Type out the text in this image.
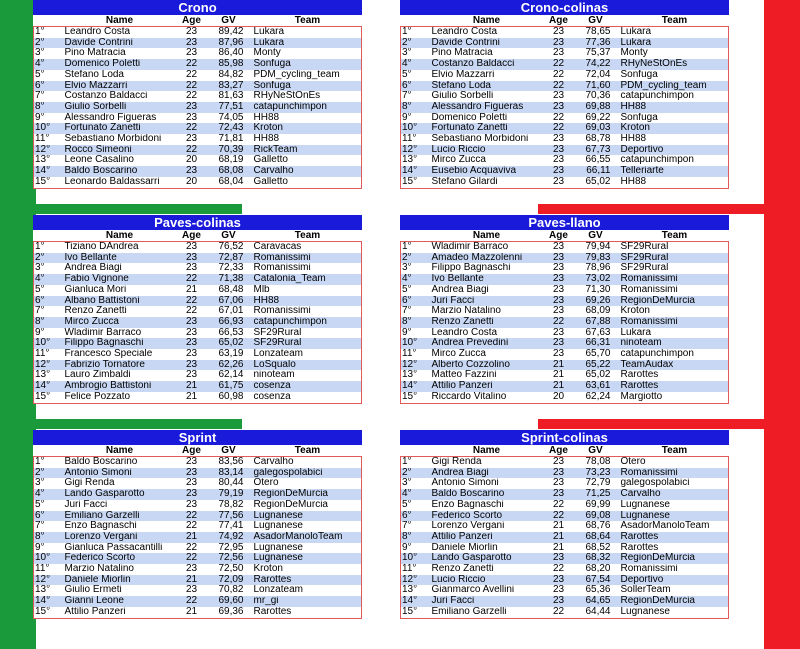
Crono
	Name	Age	GV	Team
1°	Leandro Costa	23	89,42	Lukara
2°	Davide Contrini	23	87,96	Lukara
3°	Pino Matracia	23	86,40	Monty
4°	Domenico Poletti	22	85,98	Sonfuga
5°	Stefano Loda	22	84,82	PDM_cycling_team
6°	Elvio Mazzarri	22	83,27	Sonfuga
7°	Costanzo Baldacci	22	81,63	RHyNeStOnEs
8°	Giulio Sorbelli	23	77,51	catapunchimpon
9°	Alessandro Figueras	23	74,05	HH88
10°	Fortunato Zanetti	22	72,43	Kroton
11°	Sebastiano Morbidoni	23	71,81	HH88
12°	Rocco Simeoni	22	70,39	RickTeam
13°	Leone Casalino	20	68,19	Galletto
14°	Baldo Boscarino	23	68,08	Carvalho
15°	Leonardo Baldassarri	20	68,04	Galletto
Crono-colinas
	Name	Age	GV	Team
1°	Leandro Costa	23	78,65	Lukara
2°	Davide Contrini	23	77,36	Lukara
3°	Pino Matracia	23	75,37	Monty
4°	Costanzo Baldacci	22	74,22	RHyNeStOnEs
5°	Elvio Mazzarri	22	72,04	Sonfuga
6°	Stefano Loda	22	71,60	PDM_cycling_team
7°	Giulio Sorbelli	23	70,36	catapunchimpon
8°	Alessandro Figueras	23	69,88	HH88
9°	Domenico Poletti	22	69,22	Sonfuga
10°	Fortunato Zanetti	22	69,03	Kroton
11°	Sebastiano Morbidoni	23	68,78	HH88
12°	Lucio Riccio	23	67,73	Deportivo
13°	Mirco Zucca	23	66,55	catapunchimpon
14°	Eusebio Acquaviva	23	66,11	Telleriarte
15°	Stefano Gilardi	23	65,02	HH88
Paves-colinas
	Name	Age	GV	Team
1°	Tiziano DAndrea	23	76,52	Caravacas
2°	Ivo Bellante	23	72,87	Romanissimi
3°	Andrea Biagi	23	72,33	Romanissimi
4°	Fabio Vignone	22	71,38	Catalonia_Team
5°	Gianluca Mori	21	68,48	Mlb
6°	Albano Battistoni	22	67,06	HH88
7°	Renzo Zanetti	22	67,01	Romanissimi
8°	Mirco Zucca	23	66,93	catapunchimpon
9°	Wladimir Barraco	23	66,53	SF29Rural
10°	Filippo Bagnaschi	23	65,02	SF29Rural
11°	Francesco Speciale	23	63,19	Lonzateam
12°	Fabrizio Tornatore	23	62,26	LoSqualo
13°	Lauro Zimbaldi	23	62,14	ninoteam
14°	Ambrogio Battistoni	21	61,75	cosenza
15°	Felice Pozzato	21	60,98	cosenza
Paves-llano
	Name	Age	GV	Team
1°	Wladimir Barraco	23	79,94	SF29Rural
2°	Amadeo Mazzolenni	23	79,83	SF29Rural
3°	Filippo Bagnaschi	23	78,96	SF29Rural
4°	Ivo Bellante	23	73,02	Romanissimi
5°	Andrea Biagi	23	71,30	Romanissimi
6°	Juri Facci	23	69,26	RegionDeMurcia
7°	Marzio Natalino	23	68,09	Kroton
8°	Renzo Zanetti	22	67,88	Romanissimi
9°	Leandro Costa	23	67,63	Lukara
10°	Andrea Prevedini	23	66,31	ninoteam
11°	Mirco Zucca	23	65,70	catapunchimpon
12°	Alberto Cozzolino	21	65,22	TeamAudax
13°	Matteo Fazzini	21	65,02	Rarottes
14°	Attilio Panzeri	21	63,61	Rarottes
15°	Riccardo Vitalino	20	62,24	Margiotto
Sprint
	Name	Age	GV	Team
1°	Baldo Boscarino	23	83,56	Carvalho
2°	Antonio Simoni	23	83,14	galegospolabici
3°	Gigi Renda	23	80,44	Otero
4°	Lando Gasparotto	23	79,19	RegionDeMurcia
5°	Juri Facci	23	78,82	RegionDeMurcia
6°	Emiliano Garzelli	22	77,56	Lugnanese
7°	Enzo Bagnaschi	22	77,41	Lugnanese
8°	Lorenzo Vergani	21	74,92	AsadorManoloTeam
9°	Gianluca Passacantilli	22	72,95	Lugnanese
10°	Federico Scorto	22	72,56	Lugnanese
11°	Marzio Natalino	23	72,50	Kroton
12°	Daniele Miorlin	21	72,09	Rarottes
13°	Giulio Ermeti	23	70,82	Lonzateam
14°	Gianni Leone	22	69,60	mr_gi
15°	Attilio Panzeri	21	69,36	Rarottes
Sprint-colinas
	Name	Age	GV	Team
1°	Gigi Renda	23	78,08	Otero
2°	Andrea Biagi	23	73,23	Romanissimi
3°	Antonio Simoni	23	72,79	galegospolabici
4°	Baldo Boscarino	23	71,25	Carvalho
5°	Enzo Bagnaschi	22	69,99	Lugnanese
6°	Federico Scorto	22	69,08	Lugnanese
7°	Lorenzo Vergani	21	68,76	AsadorManoloTeam
8°	Attilio Panzeri	21	68,64	Rarottes
9°	Daniele Miorlin	21	68,52	Rarottes
10°	Lando Gasparotto	23	68,32	RegionDeMurcia
11°	Renzo Zanetti	22	68,20	Romanissimi
12°	Lucio Riccio	23	67,54	Deportivo
13°	Gianmarco Avellini	23	65,36	SollerTeam
14°	Juri Facci	23	64,65	RegionDeMurcia
15°	Emiliano Garzelli	22	64,44	Lugnanese
